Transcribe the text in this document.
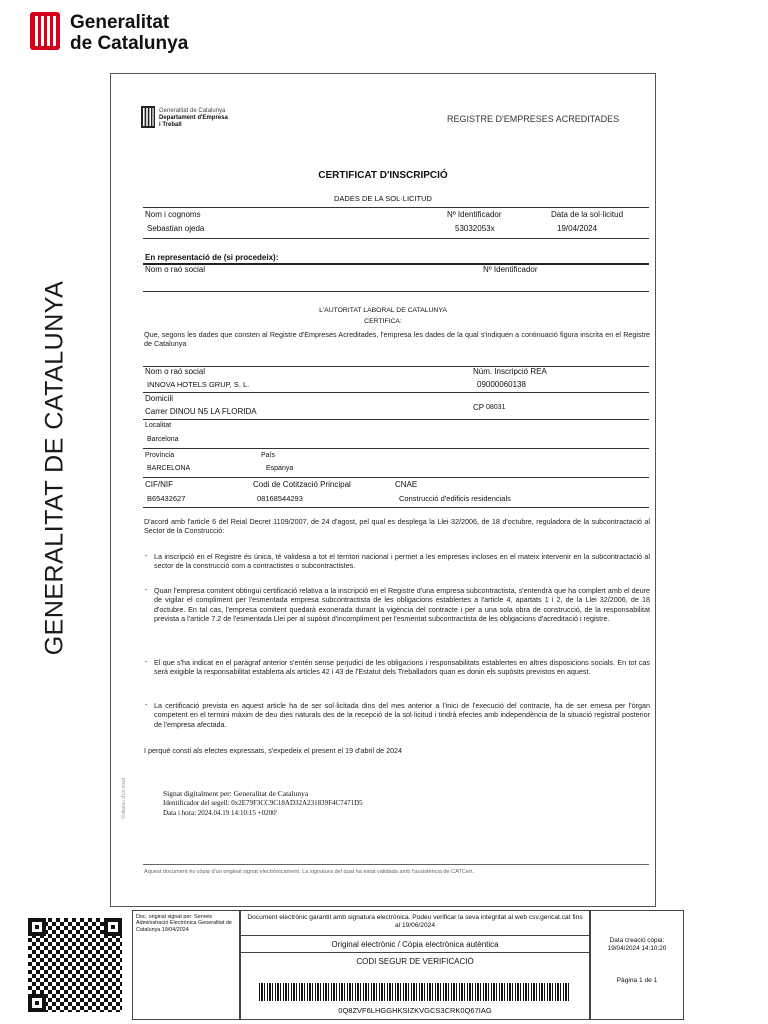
Generalitat
de Catalunya
GENERALITAT DE CATALUNYA
Generalitat de Catalunya
Departament d'Empresa
i Treball
REGISTRE D'EMPRESES ACREDITADES
CERTIFICAT D'INSCRIPCIÓ
DADES DE LA SOL·LICITUD
Nom i cognoms
Sebastian ojeda
Nº Identificador
53032053x
Data de la sol·licitud
19/04/2024
En representació de (si procedeix):
Nom o raó social	Nº Identificador
L'AUTORITAT LABORAL DE CATALUNYA
CERTIFICA:
Que, segons les dades que consten al Registre d'Empreses Acreditades, l'empresa les dades de la qual s'indiquen a continuació figura inscrita en el Registre de Catalunya
Nom o raó social
INNOVA HOTELS GRUP, S. L.
Núm. Inscripció REA
09000060138
Domicili
Carrer DINOU N5 LA FLORIDA	CP 08031
Localitat
Barcelona
Província
BARCELONA
País
Espanya
CIF/NIF
B65432627
Codi de Cotització Principal
08168544293
CNAE
Construcció d'edificis residencials
D'acord amb l'article 6 del Reial Decret 1109/2007, de 24 d'agost, pel qual es desplega la Llei 32/2006, de 18 d'octubre, reguladora de la subcontractació al Sector de la Construcció:
- La inscripció en el Registre és única, té validesa a tot el territori nacional i permet a les empreses incloses en el mateix intervenir en la subcontractació al sector de la construcció com a contractistes o subcontractistes.
- Quan l'empresa comitent obtingui certificació relativa a la inscripció en el Registre d'una empresa subcontractista, s'entendrà que ha complert amb el deure de vigilar el compliment per l'esmentada empresa subcontractista de les obligacions establertes a l'article 4, apartats 1 i 2, de la Llei 32/2006, de 18 d'octubre. En tal cas, l'empresa comitent quedarà exonerada durant la vigència del contracte i per a una sola obra de construcció, de la responsabilitat prevista a l'article 7.2 de l'esmentada Llei per al supòsit d'incompliment per l'esmentat subcontractista de les obligacions d'acreditació i registre.
- El que s'ha indicat en el paràgraf anterior s'entén sense perjudici de les obligacions i responsabilitats establertes en altres disposicions socials. En tot cas serà exigible la responsabilitat establerta als articles 42 i 43 de l'Estatut dels Treballadors quan es donin els supòsits previstos en aquest.
- La certificació prevista en aquest article ha de ser sol·licitada dins del mes anterior a l'inici de l'execució del contracte, ha de ser emesa per l'òrgan competent en el termini màxim de deu dies naturals des de la recepció de la sol·licitud i tindrà efectes amb independència de la situació registral posterior de l'empresa afectada.
I perquè consti als efectes expressats, s'expedeix el present el 19 d'abril de 2024
Signat digitalment per: Generalitat de Catalunya
Identificador del segell: 0x2E79F3CC9C18AD32A231839F4C7471D5
Data i hora: 2024.04.19 14:10:15 +0200'
Vistiplau d'un visat
Aquest document és còpia d'un original signat electrònicament. La signatura del qual ha estat validada amb l'assistència de CATCert.
Doc. original signat per: Serveis Administració Electrònica Generalitat de Catalunya 19/04/2024
Document electrònic garantit amb signatura electrònica. Podeu verificar la seva integritat al web csv.gencat.cat fins al 19/06/2024
Original electrònic / Còpia electrònica autèntica
CODI SEGUR DE VERIFICACIÓ
0Q8ZVF6LHGGHKSIZKVGCS3CRK0Q67IAG
Data creació còpia:
19/04/2024 14:10:20
Pàgina 1 de 1
